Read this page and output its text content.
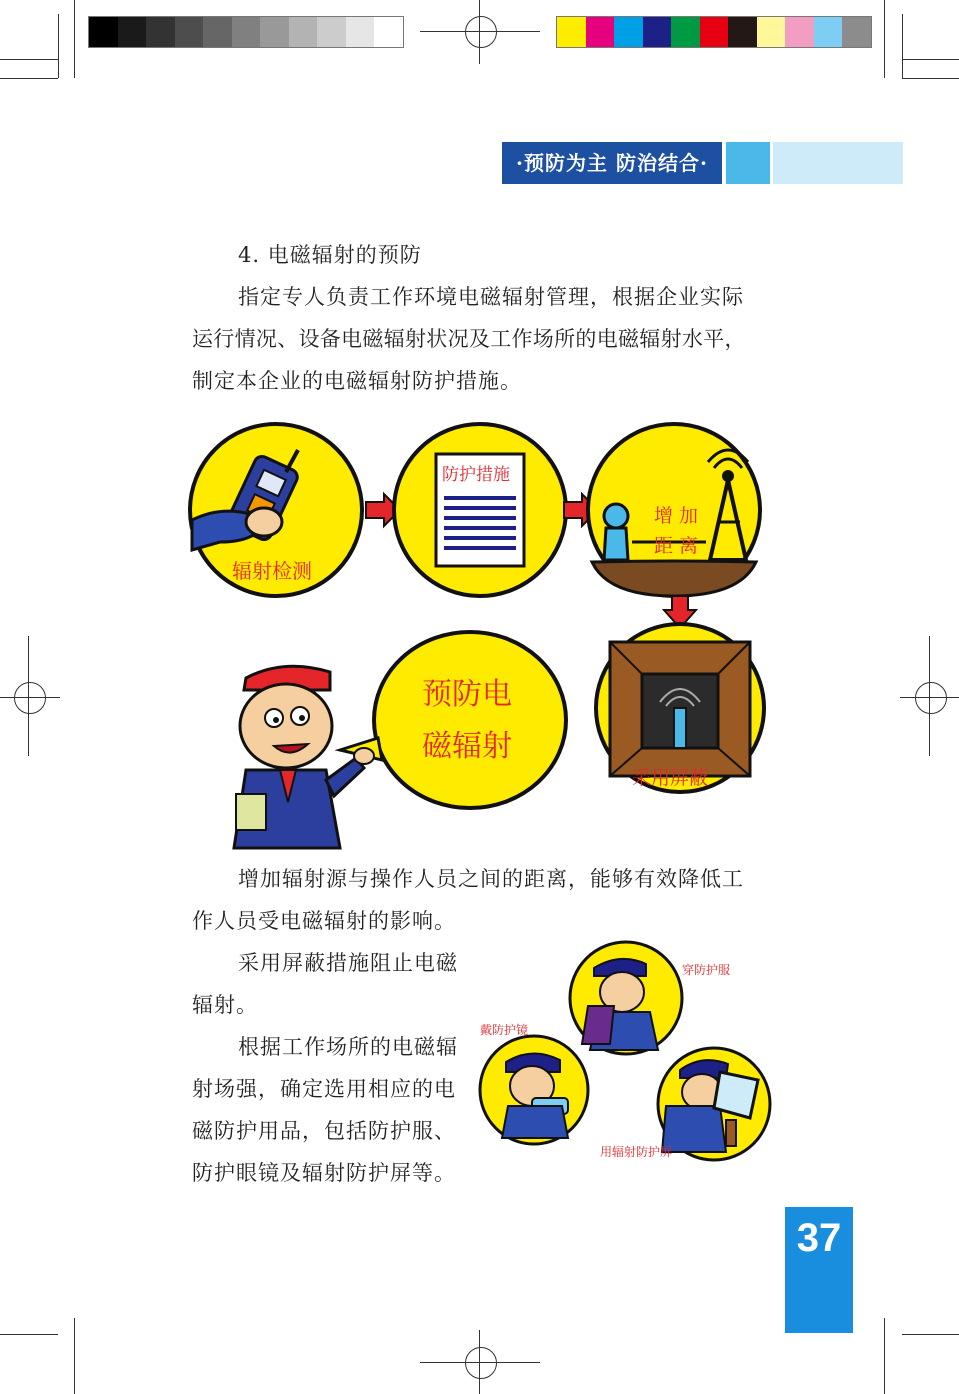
·预防为主 防治结合·
4. 电磁辐射的预防
指定专人负责工作环境电磁辐射管理，根据企业实际
运行情况、设备电磁辐射状况及工作场所的电磁辐射水平，
制定本企业的电磁辐射防护措施。
辐射检测
防护措施
增 加
距 离
采用屏蔽
预防电
磁辐射
增加辐射源与操作人员之间的距离，能够有效降低工
作人员受电磁辐射的影响。
采用屏蔽措施阻止电磁
辐射。
根据工作场所的电磁辐
射场强，确定选用相应的电
磁防护用品，包括防护服、
防护眼镜及辐射防护屏等。
穿防护服
戴防护镜
用辐射防护屏
37
